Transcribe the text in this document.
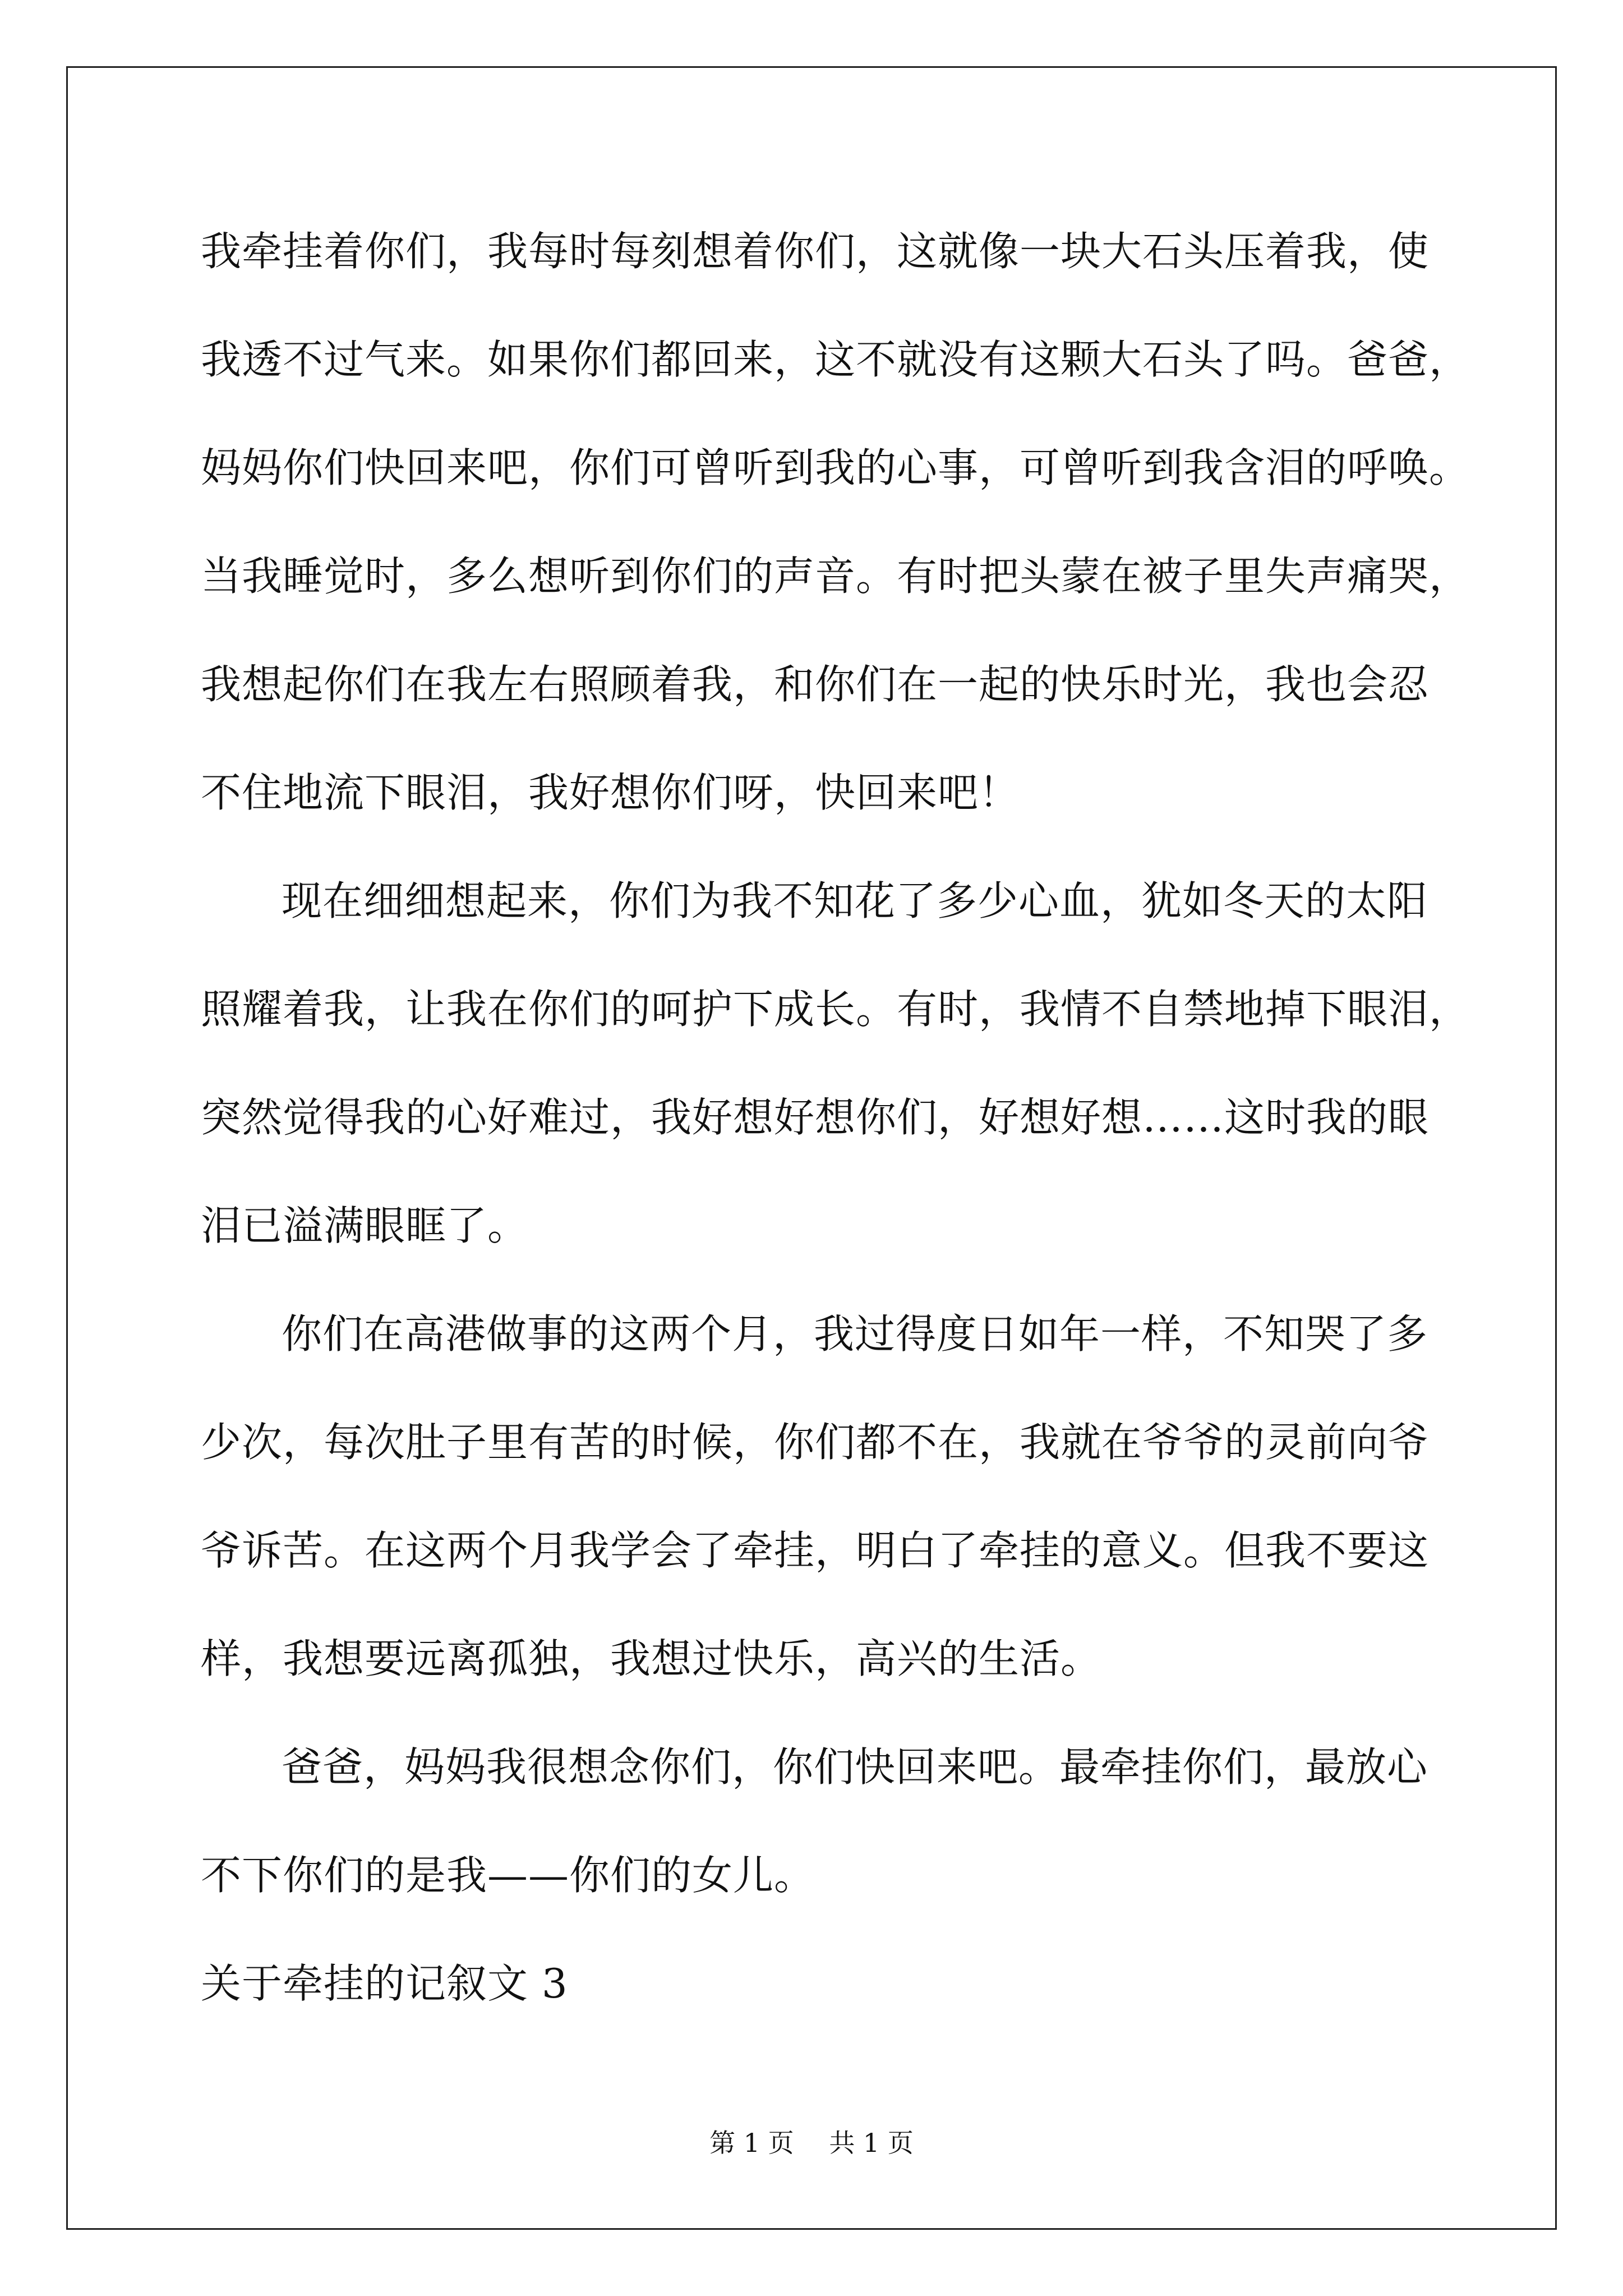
我牵挂着你们，我每时每刻想着你们，这就像一块大石头压着我，使
我透不过气来。如果你们都回来，这不就没有这颗大石头了吗。爸爸，
妈妈你们快回来吧，你们可曾听到我的心事，可曾听到我含泪的呼唤。
当我睡觉时，多么想听到你们的声音。有时把头蒙在被子里失声痛哭，
我想起你们在我左右照顾着我，和你们在一起的快乐时光，我也会忍
不住地流下眼泪，我好想你们呀，快回来吧！
现在细细想起来，你们为我不知花了多少心血，犹如冬天的太阳
照耀着我，让我在你们的呵护下成长。有时，我情不自禁地掉下眼泪，
突然觉得我的心好难过，我好想好想你们，好想好想……这时我的眼
泪已溢满眼眶了。
你们在高港做事的这两个月，我过得度日如年一样，不知哭了多
少次，每次肚子里有苦的时候，你们都不在，我就在爷爷的灵前向爷
爷诉苦。在这两个月我学会了牵挂，明白了牵挂的意义。但我不要这
样，我想要远离孤独，我想过快乐，高兴的生活。
爸爸，妈妈我很想念你们，你们快回来吧。最牵挂你们，最放心
不下你们的是我——你们的女儿。
关于牵挂的记叙文 3
第 1 页 共 1 页
